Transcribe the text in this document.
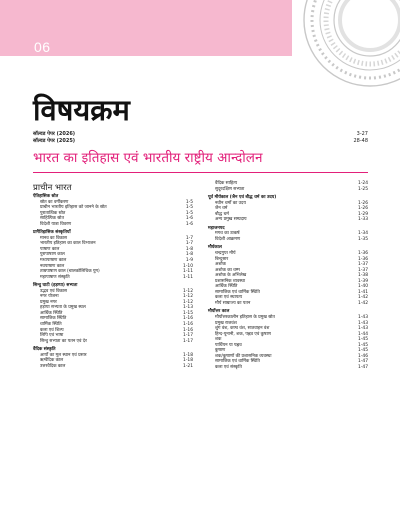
06
विषयक्रम
सॉल्वड पेपर (2026)	3-27
सॉल्वड पेपर (2025)	28-48
भारत का इतिहास एवं भारतीय राष्ट्रीय आन्दोलन
प्राचीन भारत
ऐतिहासिक स्रोत
स्रोत का वर्गीकरण	1-5
प्राचीन भारतीय इतिहास को जानने के स्रोत	1-5
पुरातात्विक स्रोत	1-5
साहित्यिक स्रोत	1-6
विदेशी यात्रा विवरण	1-6
प्रागैतिहासिक संस्कृतियाँ
मानव का विकास	1-7
भारतीय इतिहास का काल विभाजन	1-7
पाषाण काल	1-8
पुरापाषाण काल	1-8
मध्यपाषाण काल	1-9
नवपाषाण काल	1-10
ताम्रपाषाण काल (चालकोलिथिक युग)	1-11
महापाषाण संस्कृति	1-11
सिन्धु घाटी (हड़प्पा) सभ्यता
उद्भव एवं विकास	1-12
नगर योजना	1-12
प्रमुख नगर	1-12
हड़प्पा सभ्यता के प्रमुख स्थल	1-13
आर्थिक स्थिति	1-15
सामाजिक स्थिति	1-16
धार्मिक स्थिति	1-16
कला एवं शिल्प	1-16
लिपि एवं भाषा	1-17
सिन्धु सभ्यता का पतन एवं देर	1-17
वैदिक संस्कृति
आर्यों का मूल स्थान एवं प्रसार	1-18
ऋग्वैदिक काल	1-18
उत्तरवैदिक काल	1-21
वैदिक साहित्य	1-24
सुदूरदक्षिण सभ्यता	1-25
पूर्व मौर्यकाल (जैन एवं बौद्ध धर्म का उदय)
नवीन धर्मों का उदय	1-26
जैन धर्म	1-26
बौद्ध धर्म	1-29
अन्य प्रमुख सम्प्रदाय	1-33
महाजनपद
मगध का उत्कर्ष	1-34
विदेशी आक्रमण	1-35
मौर्यकाल
चन्द्रगुप्त मौर्य	1-36
बिन्दुसार	1-36
अशोक	1-37
अशोक का धम्म	1-37
अशोक के अभिलेख	1-38
प्रशासनिक व्यवस्था	1-39
आर्थिक स्थिति	1-40
सामाजिक एवं धार्मिक स्थिति	1-41
कला एवं स्थापत्य	1-42
मौर्य साम्राज्य का पतन	1-42
मौर्योत्तर काल
मौर्योत्तरकालीन इतिहास के प्रमुख स्रोत	1-43
प्रमुख राजवंश	1-43
शुंग वंश, कण्व वंश, सातवाहन वंश	1-43
हिन्द-यूनानी, शक, पह्लव एवं कुषाण	1-44
शक	1-45
पार्थियन या पह्लव	1-45
कुषाण	1-45
शक/कुषाणों की प्रशासनिक व्यवस्था	1-46
सामाजिक एवं धार्मिक स्थिति	1-47
कला एवं संस्कृति	1-47
